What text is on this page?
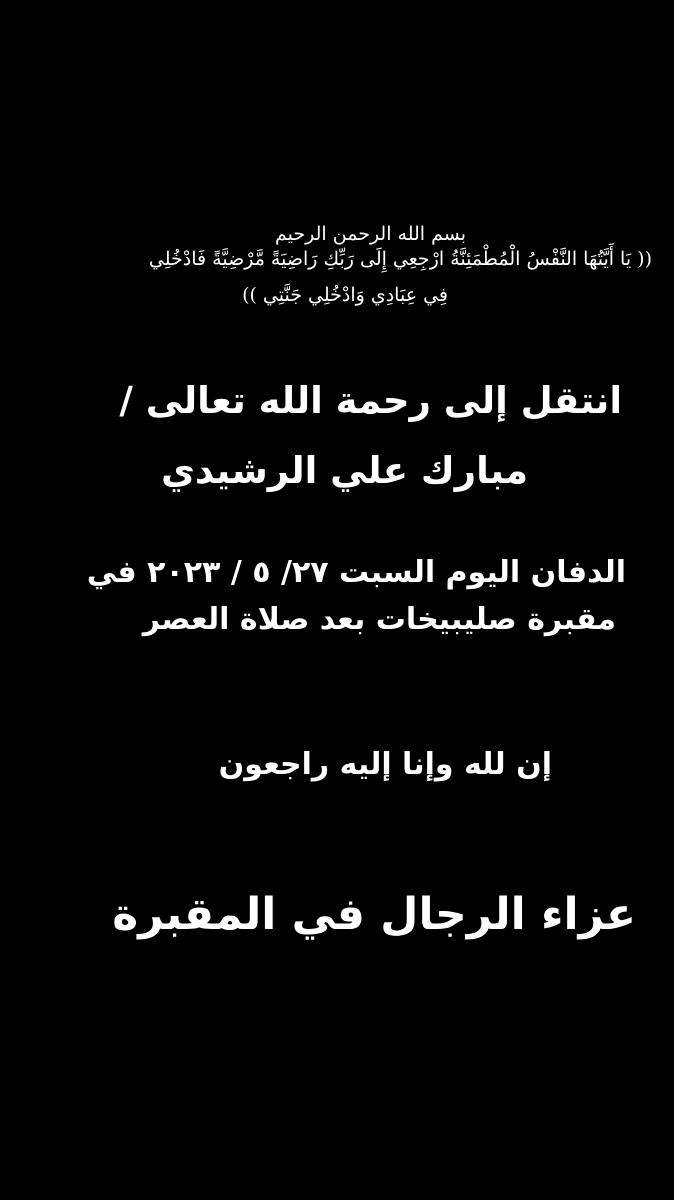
بسم الله الرحمن الرحيم
(( يَا أَيَّتُهَا النَّفْسُ الْمُطْمَئِنَّةُ ارْجِعِي إِلَى رَبِّكِ رَاضِيَةً مَّرْضِيَّةً فَادْخُلِي
فِي عِبَادِي وَادْخُلِي جَنَّتِي ))
انتقل إلى رحمة الله تعالى /
مبارك علي الرشيدي
الدفان اليوم السبت ٢٧/ ٥ / ٢٠٢٣ في
مقبرة صليبيخات بعد صلاة العصر
إن لله وإنا إليه راجعون
عزاء الرجال في المقبرة
